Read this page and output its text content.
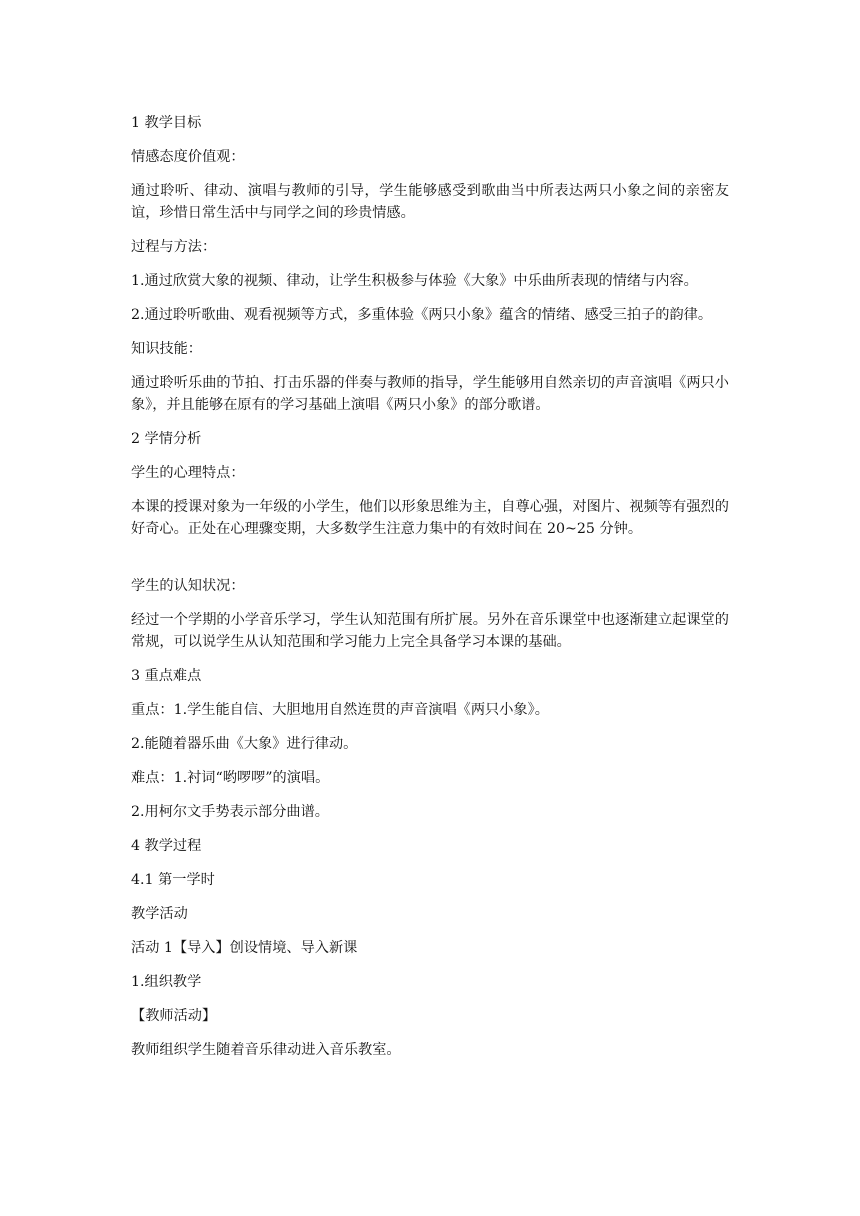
1 教学目标
情感态度价值观：
通过聆听、律动、演唱与教师的引导，学生能够感受到歌曲当中所表达两只小象之间的亲密友谊，珍惜日常生活中与同学之间的珍贵情感。
过程与方法：
1.通过欣赏大象的视频、律动，让学生积极参与体验《大象》中乐曲所表现的情绪与内容。
2.通过聆听歌曲、观看视频等方式，多重体验《两只小象》蕴含的情绪、感受三拍子的韵律。
知识技能：
通过聆听乐曲的节拍、打击乐器的伴奏与教师的指导，学生能够用自然亲切的声音演唱《两只小象》，并且能够在原有的学习基础上演唱《两只小象》的部分歌谱。
2 学情分析
学生的心理特点：
本课的授课对象为一年级的小学生，他们以形象思维为主，自尊心强，对图片、视频等有强烈的好奇心。正处在心理骤变期，大多数学生注意力集中的有效时间在 20~25 分钟。
学生的认知状况：
经过一个学期的小学音乐学习，学生认知范围有所扩展。另外在音乐课堂中也逐渐建立起课堂的常规，可以说学生从认知范围和学习能力上完全具备学习本课的基础。
3 重点难点
重点：1.学生能自信、大胆地用自然连贯的声音演唱《两只小象》。
2.能随着器乐曲《大象》进行律动。
难点：1.衬词“哟啰啰”的演唱。
2.用柯尔文手势表示部分曲谱。
4 教学过程
4.1 第一学时
教学活动
活动 1【导入】创设情境、导入新课
1.组织教学
【教师活动】
教师组织学生随着音乐律动进入音乐教室。
